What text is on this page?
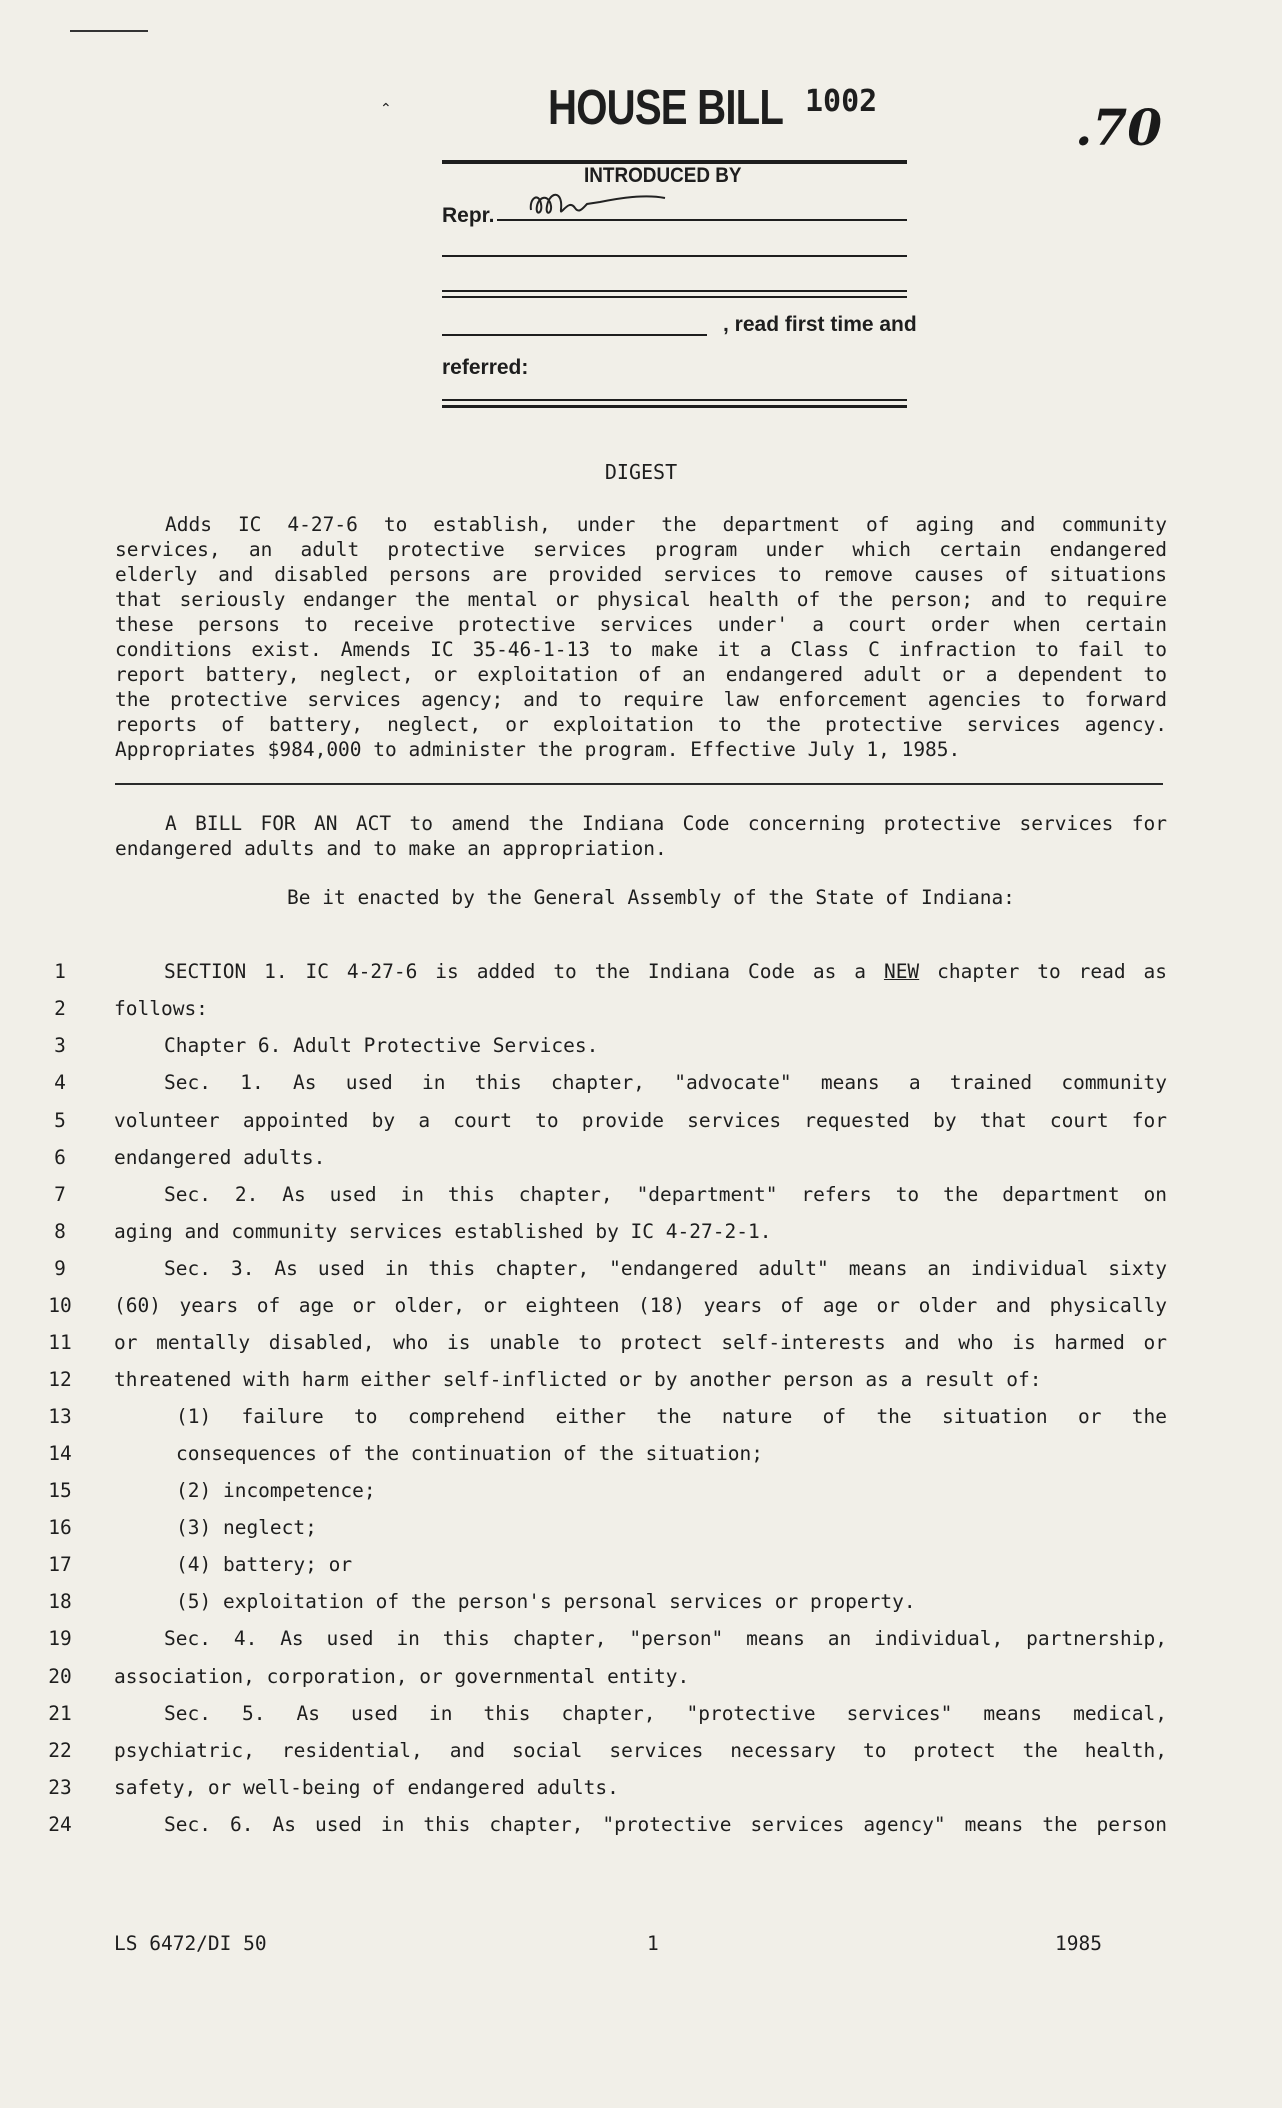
⌃	HOUSE BILL 1002	.70
INTRODUCED BY
Repr.
, read first time and
referred:
DIGEST
Adds IC 4-27-6 to establish, under the department of aging and community
services, an adult protective services program under which certain endangered
elderly and disabled persons are provided services to remove causes of situations
that seriously endanger the mental or physical health of the person; and to require
these persons to receive protective services under' a court order when certain
conditions exist. Amends IC 35-46-1-13 to make it a Class C infraction to fail to
report battery, neglect, or exploitation of an endangered adult or a dependent to
the protective services agency; and to require law enforcement agencies to forward
reports of battery, neglect, or exploitation to the protective services agency.
Appropriates $984,000 to administer the program. Effective July 1, 1985.
A BILL FOR AN ACT to amend the Indiana Code concerning protective services for
endangered adults and to make an appropriation.
Be it enacted by the General Assembly of the State of Indiana:
1
2
3
4
5
6
7
8
9
10
11
12
13
14
15
16
17
18
19
20
21
22
23
24
SECTION 1. IC 4-27-6 is added to the Indiana Code as a NEW chapter to read as
follows:
Chapter 6. Adult Protective Services.
Sec. 1. As used in this chapter, "advocate" means a trained community
volunteer appointed by a court to provide services requested by that court for
endangered adults.
Sec. 2. As used in this chapter, "department" refers to the department on
aging and community services established by IC 4-27-2-1.
Sec. 3. As used in this chapter, "endangered adult" means an individual sixty
(60) years of age or older, or eighteen (18) years of age or older and physically
or mentally disabled, who is unable to protect self-interests and who is harmed or
threatened with harm either self-inflicted or by another person as a result of:
(1) failure to comprehend either the nature of the situation or the
consequences of the continuation of the situation;
(2) incompetence;
(3) neglect;
(4) battery; or
(5) exploitation of the person's personal services or property.
Sec. 4. As used in this chapter, "person" means an individual, partnership,
association, corporation, or governmental entity.
Sec. 5. As used in this chapter, "protective services" means medical,
psychiatric, residential, and social services necessary to protect the health,
safety, or well-being of endangered adults.
Sec. 6. As used in this chapter, "protective services agency" means the person
LS 6472/DI 50	1	1985
